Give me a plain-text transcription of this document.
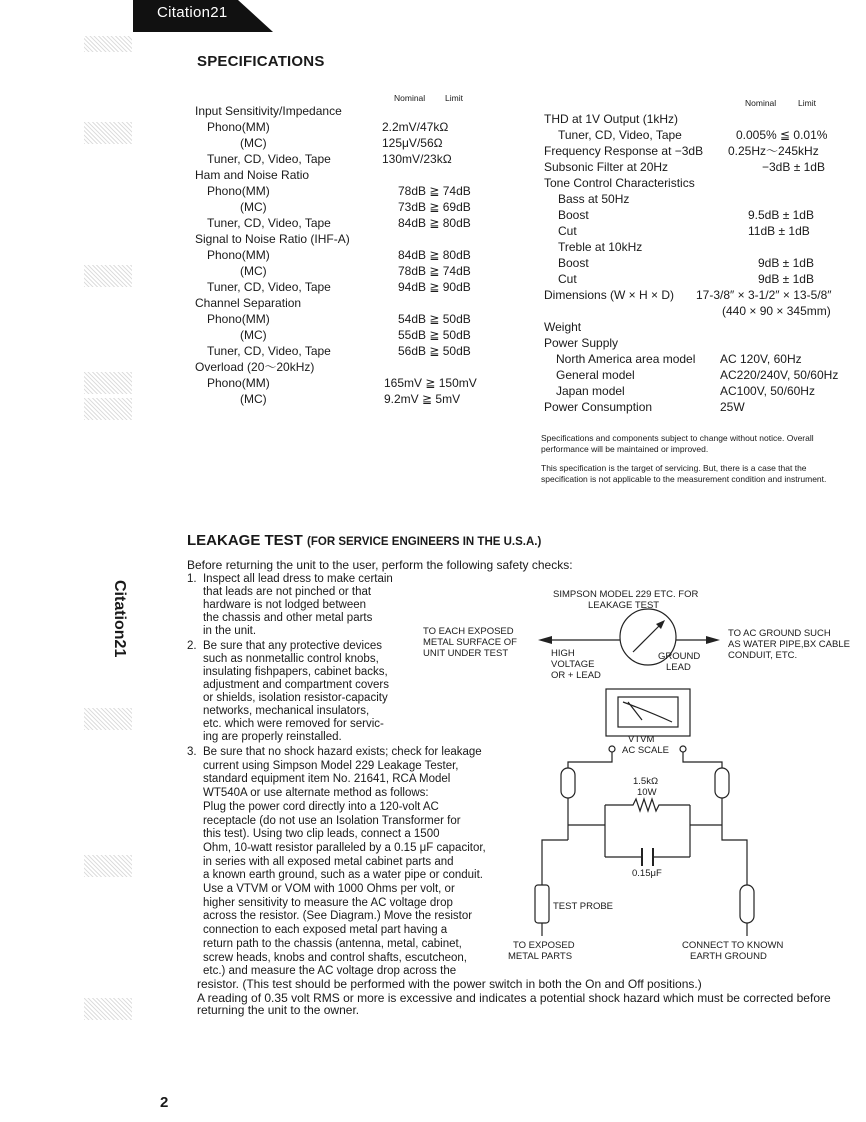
Citation21
SPECIFICATIONS
Nominal Limit	Nominal	Limit
Input Sensitivity/Impedance
Phono(MM)	2.2mV/47kΩ
(MC)	125μV/56Ω
Tuner, CD, Video, Tape	130mV/23kΩ
Ham and Noise Ratio
Phono(MM)	78dB ≧ 74dB
(MC)	73dB ≧ 69dB
Tuner, CD, Video, Tape	84dB ≧ 80dB
Signal to Noise Ratio (IHF-A)
Phono(MM)	84dB ≧ 80dB
(MC)	78dB ≧ 74dB
Tuner, CD, Video, Tape	94dB ≧ 90dB
Channel Separation
Phono(MM)	54dB ≧ 50dB
(MC)	55dB ≧ 50dB
Tuner, CD, Video, Tape	56dB ≧ 50dB
Overload (20～20kHz)
Phono(MM)	165mV ≧ 150mV
(MC)	9.2mV ≧ 5mV
THD at 1V Output (1kHz)
Tuner, CD, Video, Tape	0.005% ≦ 0.01%
Frequency Response at −3dB 0.25Hz～245kHz
Subsonic Filter at 20Hz	−3dB ± 1dB
Tone Control Characteristics
Bass at 50Hz
Boost	9.5dB ± 1dB
Cut	11dB ± 1dB
Treble at 10kHz
Boost	9dB ± 1dB
Cut	9dB ± 1dB
Dimensions (W × H × D) 17-3/8″ × 3-1/2″ × 13-5/8″
(440 × 90 × 345mm)
Weight
Power Supply
North America area model AC 120V, 60Hz
General model	AC220/240V, 50/60Hz
Japan model	AC100V, 50/60Hz
Power Consumption	25W
Specifications and components subject to change without notice. Overall performance will be maintained or improved.
This specification is the target of servicing. But, there is a case that the specification is not applicable to the measurement condition and instrument.
Citation21
LEAKAGE TEST (FOR SERVICE ENGINEERS IN THE U.S.A.)
Before returning the unit to the user, perform the following safety checks:
1.  Inspect all lead dress to make certain
that leads are not pinched or that
hardware is not lodged between
the chassis and other metal parts
in the unit.
2.  Be sure that any protective devices
such as nonmetallic control knobs,
insulating fishpapers, cabinet backs,
adjustment and compartment covers
or shields, isolation resistor-capacity
networks, mechanical insulators,
etc. which were removed for servic-
ing are properly reinstalled.
3.  Be sure that no shock hazard exists; check for leakage
current using Simpson Model 229 Leakage Tester,
standard equipment item No. 21641, RCA Model
WT540A or use alternate method as follows:
Plug the power cord directly into a 120-volt AC
receptacle (do not use an Isolation Transformer for
this test). Using two clip leads, connect a 1500
Ohm, 10-watt resistor paralleled by a 0.15 μF capacitor,
in series with all exposed metal cabinet parts and
a known earth ground, such as a water pipe or conduit.
Use a VTVM or VOM with 1000 Ohms per volt, or
higher sensitivity to measure the AC voltage drop
across the resistor. (See Diagram.) Move the resistor
connection to each exposed metal part having a
return path to the chassis (antenna, metal, cabinet,
screw heads, knobs and control shafts, escutcheon,
etc.) and measure the AC voltage drop across the
resistor. (This test should be performed with the power switch in both the On and Off positions.)
A reading of 0.35 volt RMS or more is excessive and indicates a potential shock hazard which must be corrected before
returning the unit to the owner.
SIMPSON MODEL 229 ETC. FOR
LEAKAGE TEST
TO EACH EXPOSED
METAL SURFACE OF
UNIT UNDER TEST	HIGH
VOLTAGE
OR + LEAD
GROUND
LEAD
TO AC GROUND SUCH
AS WATER PIPE,BX CABLE
CONDUIT, ETC.
VTVM
AC SCALE
1.5kΩ
10W
0.15μF
TEST PROBE
TO EXPOSED
METAL PARTS
CONNECT TO KNOWN
EARTH GROUND
2
